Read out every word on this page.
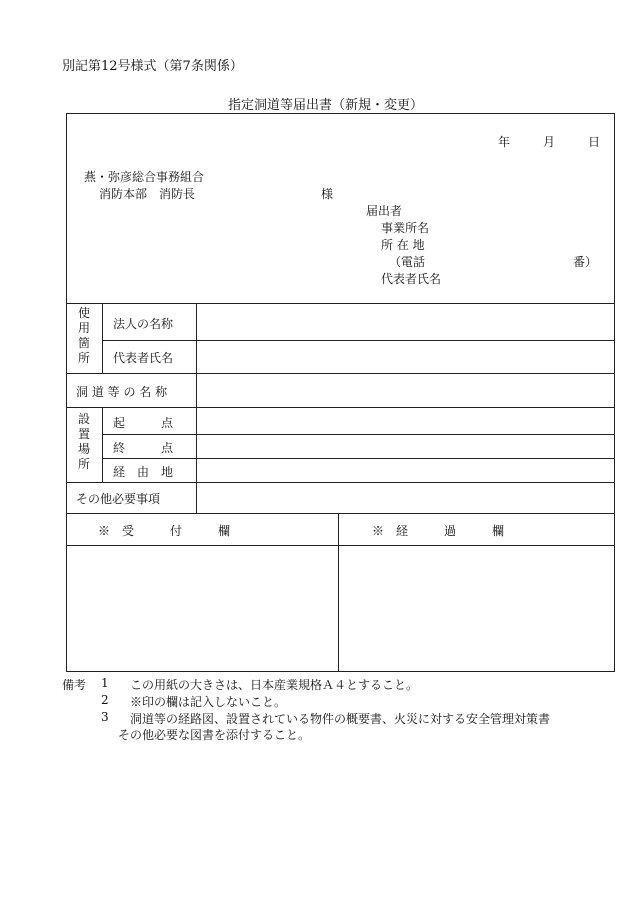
別記第12号様式（第7条関係）
指定洞道等届出書（新規・変更）
年	月	日
燕・弥彦総合事務組合
消防本部　消防長	様
届出者
事業所名
所 在 地
（電話	番）
代表者氏名
使
用
箇
所
法人の名称
代表者氏名
洞 道 等 の 名 称
設
置
場
所
起　　　点
終　　　点
経　由　地
その他必要事項
※　受　　　付　　　欄	※　経　　　過　　　欄
備考 1 この用紙の大きさは、日本産業規格Ａ４とすること。
2 ※印の欄は記入しないこと。
3 洞道等の経路図、設置されている物件の概要書、火災に対する安全管理対策書
その他必要な図書を添付すること。
